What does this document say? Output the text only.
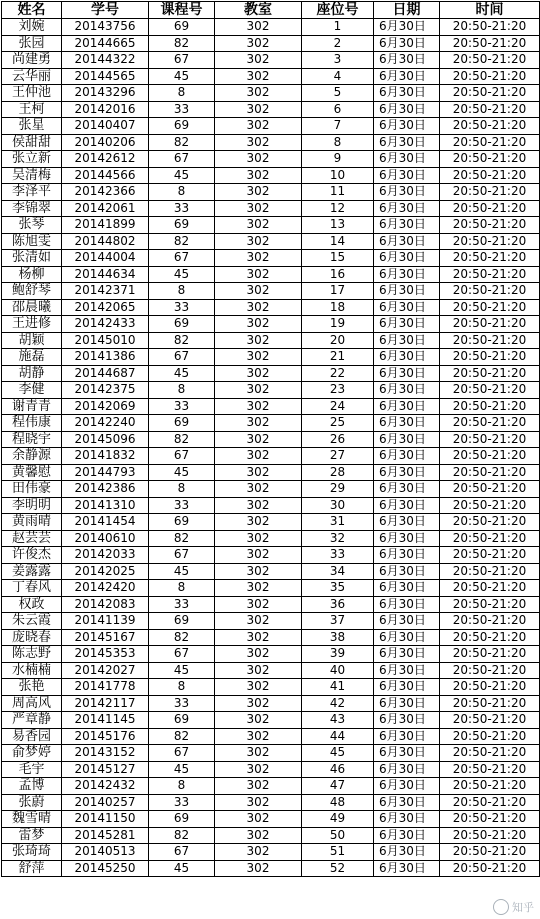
姓名	学号	课程号	教室	座位号	日期	时间
刘婉	20143756	69	302	1	6月30日	20:50-21:20
张园	20144665	82	302	2	6月30日	20:50-21:20
尚建勇	20144322	67	302	3	6月30日	20:50-21:20
云华丽	20144565	45	302	4	6月30日	20:50-21:20
王仲池	20143296	8	302	5	6月30日	20:50-21:20
王柯	20142016	33	302	6	6月30日	20:50-21:20
张星	20140407	69	302	7	6月30日	20:50-21:20
侯甜甜	20140206	82	302	8	6月30日	20:50-21:20
张立新	20142612	67	302	9	6月30日	20:50-21:20
吴清梅	20144566	45	302	10	6月30日	20:50-21:20
李泽平	20142366	8	302	11	6月30日	20:50-21:20
李锦翠	20142061	33	302	12	6月30日	20:50-21:20
张琴	20141899	69	302	13	6月30日	20:50-21:20
陈旭雯	20144802	82	302	14	6月30日	20:50-21:20
张清如	20144004	67	302	15	6月30日	20:50-21:20
杨柳	20144634	45	302	16	6月30日	20:50-21:20
鲍舒琴	20142371	8	302	17	6月30日	20:50-21:20
邵晨曦	20142065	33	302	18	6月30日	20:50-21:20
王进修	20142433	69	302	19	6月30日	20:50-21:20
胡颖	20145010	82	302	20	6月30日	20:50-21:20
施磊	20141386	67	302	21	6月30日	20:50-21:20
胡静	20144687	45	302	22	6月30日	20:50-21:20
李健	20142375	8	302	23	6月30日	20:50-21:20
谢青青	20142069	33	302	24	6月30日	20:50-21:20
程伟康	20142240	69	302	25	6月30日	20:50-21:20
程晓宇	20145096	82	302	26	6月30日	20:50-21:20
余静源	20141832	67	302	27	6月30日	20:50-21:20
黄馨慰	20144793	45	302	28	6月30日	20:50-21:20
田伟豪	20142386	8	302	29	6月30日	20:50-21:20
李明明	20141310	33	302	30	6月30日	20:50-21:20
黄雨晴	20141454	69	302	31	6月30日	20:50-21:20
赵芸芸	20140610	82	302	32	6月30日	20:50-21:20
许俊杰	20142033	67	302	33	6月30日	20:50-21:20
姜露露	20142025	45	302	34	6月30日	20:50-21:20
丁春风	20142420	8	302	35	6月30日	20:50-21:20
权政	20142083	33	302	36	6月30日	20:50-21:20
朱云霞	20141139	69	302	37	6月30日	20:50-21:20
庞晓春	20145167	82	302	38	6月30日	20:50-21:20
陈志野	20145353	67	302	39	6月30日	20:50-21:20
水楠楠	20142027	45	302	40	6月30日	20:50-21:20
张艳	20141778	8	302	41	6月30日	20:50-21:20
周高风	20142117	33	302	42	6月30日	20:50-21:20
严章静	20141145	69	302	43	6月30日	20:50-21:20
易香园	20145176	82	302	44	6月30日	20:50-21:20
俞梦婷	20143152	67	302	45	6月30日	20:50-21:20
毛宇	20145127	45	302	46	6月30日	20:50-21:20
孟博	20142432	8	302	47	6月30日	20:50-21:20
张蔚	20140257	33	302	48	6月30日	20:50-21:20
魏雪晴	20141150	69	302	49	6月30日	20:50-21:20
雷梦	20145281	82	302	50	6月30日	20:50-21:20
张琦琦	20140513	67	302	51	6月30日	20:50-21:20
舒萍	20145250	45	302	52	6月30日	20:50-21:20
知乎
